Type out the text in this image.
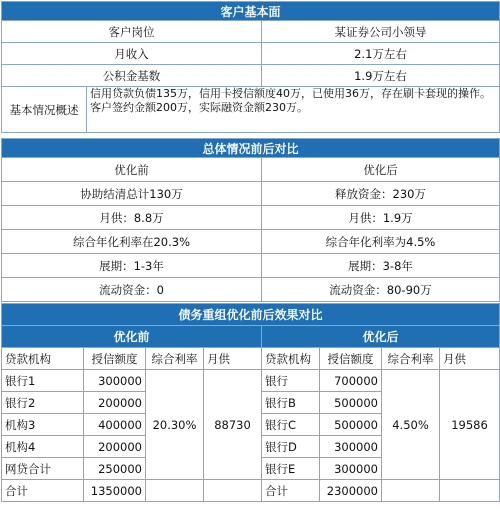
客户基本面		
客户岗位		某证券公司小领导
月收入		2.1万左右
公积金基数		1.9万左右
基本情况概述	信用贷款负债135万，信用卡授信额度40万，已使用36万，存在刷卡套现的操作。客户签约金额200万，实际融资金额230万。	
总体情况前后对比	
优化前	优化后
协助结清总计130万	释放资金：230万
月供：8.8万	月供：1.9万
综合年化利率在20.3%	综合年化利率为4.5%
展期：1-3年	展期：3-8年
流动资金：0	流动资金：80-90万
债务重组优化前后效果对比							
优化前				优化后			
贷款机构	授信额度	综合利率	月供	贷款机构	授信额度	综合利率	月供
银行1	300000	20.30%	88730	银行	700000	4.50%	19586
银行2	200000			银行B	500000		
机构3	400000			银行C	500000		
机构4	200000			银行D	300000		
网贷合计	250000			银行E	300000		
合计	1350000			合计	2300000		
